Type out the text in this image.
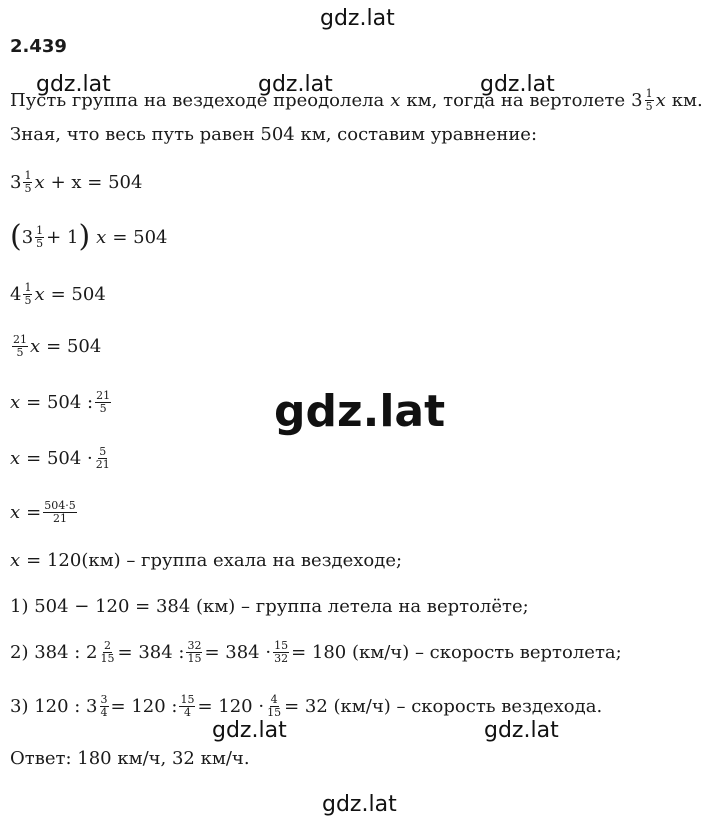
gdz.lat
gdz.lat	gdz.lat	gdz.lat
gdz.lat
gdz.lat	gdz.lat
gdz.lat
2.439
Пусть группа на вездеходе преодолела x км, тогда на вертолете $3 \frac{1}{5}$ x км.
Зная, что весь путь равен 504 км, составим уравнение:
$3 \frac{1}{5}$ x + x = 504
( $3 \frac{1}{5} + 1$ ) x = 504
$4 \frac{1}{5}$ x = 504
$\frac{21}{5}$ x = 504
x = 504 : $\frac{21}{5}$
$x = 504 \cdot \frac{5}{21}$
$x = \frac{504\cdot 5}{21}$
x = 120(км) – группа ехала на вездеходе;
1) 504 − 120 = 384 (км) – группа летела на вертолёте;
2) 384 : $2 \frac{2}{15} = 384$ : $\frac{32}{15} = 384 \cdot \frac{15}{32} = 180$ (км/ч) – скорость вертолета;
3) 120 : $3 \frac{3}{4} = 120$ : $\frac{15}{4} = 120 \cdot \frac{4}{15} = 32$ (км/ч) – скорость вездехода.
Ответ: 180 км/ч, 32 км/ч.
